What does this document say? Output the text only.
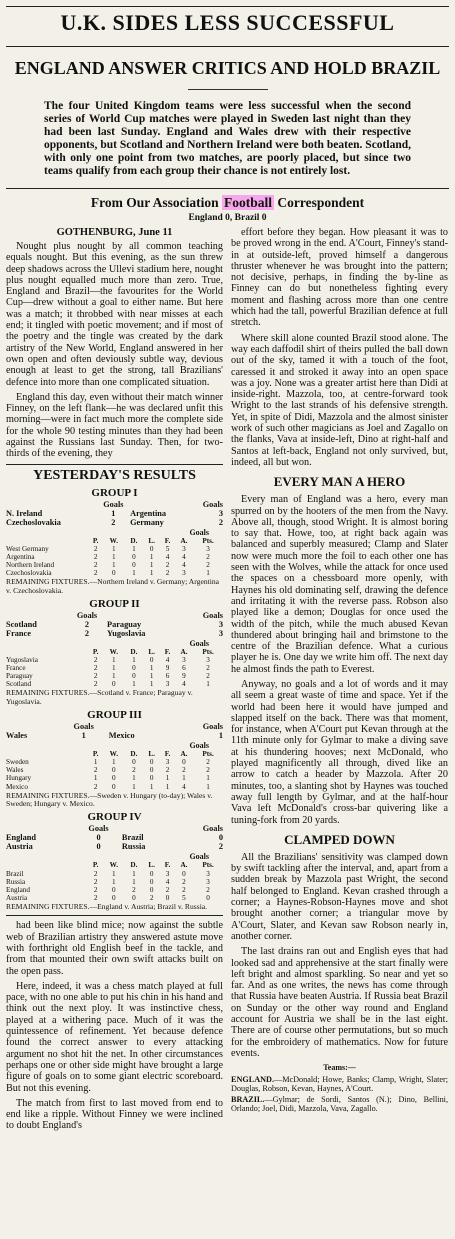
U.K. SIDES LESS SUCCESSFUL
ENGLAND ANSWER CRITICS AND HOLD BRAZIL
The four United Kingdom teams were less successful when the second series of World Cup matches were played in Sweden last night than they had been last Sunday. England and Wales drew with their respective opponents, but Scotland and Northern Ireland were both beaten. Scotland, with only one point from two matches, are poorly placed, but since two teams qualify from each group their chance is not entirely lost.
From Our Association Football Correspondent
England 0, Brazil 0
GOTHENBURG, June 11

Nought plus nought by all common teaching equals nought. But this evening, as the sun threw deep shadows across the Ullevi stadium here, nought plus nought equalled much more than zero. True, England and Brazil—the favourites for the World Cup—drew without a goal to either name. But here was a match; it throbbed with near misses at each end; it tingled with poetic movement; and if most of the poetry and the tingle was created by the dark artistry of the New World, England answered in her own open and often deviously subtle way, devious enough at least to get the strong, tall Brazilians' defence into more than one complicated situation.

England this day, even without their match winner Finney, on the left flank—he was declared unfit this morning—were in fact much more the complete side for the whole 90 testing minutes than they had been against the Russians last Sunday. Then, for two-thirds of the evening, they

YESTERDAY'S RESULTS
GROUP I
	Goals		Goals
N. Ireland	1	Argentina	3
Czechoslovakia	2	Germany	2
Goals
	P.	W.	D.	L.	F.	A.	Pts.
West Germany	2	1	1	0	5	3	3
Argentina	2	1	0	1	4	4	2
Northern Ireland	2	1	0	1	2	4	2
Czechoslovakia	2	0	1	1	2	3	1
REMAINING FIXTURES.—Northern Ireland v. Germany; Argentina v. Czechoslovakia.
GROUP II
	Goals		Goals
Scotland	2	Paraguay	3
France	2	Yugoslavia	3
Goals
	P.	W.	D.	L.	F.	A.	Pts.
Yugoslavia	2	1	1	0	4	3	3
France	2	1	0	1	9	6	2
Paraguay	2	1	0	1	6	9	2
Scotland	2	0	1	1	3	4	1
REMAINING FIXTURES.—Scotland v. France; Paraguay v. Yugoslavia.
GROUP III
	Goals		Goals
Wales	1	Mexico	1
Goals
	P.	W.	D.	L.	F.	A.	Pts.
Sweden	1	1	0	0	3	0	2
Wales	2	0	2	0	2	2	2
Hungary	1	0	1	0	1	1	1
Mexico	2	0	1	1	1	4	1
REMAINING FIXTURES.—Sweden v. Hungary (to-day); Wales v. Sweden; Hungary v. Mexico.
GROUP IV
	Goals		Goals
England	0	Brazil	0
Austria	0	Russia	2
Goals
	P.	W.	D.	L.	F.	A.	Pts.
Brazil	2	1	1	0	3	0	3
Russia	2	1	1	0	4	2	3
England	2	0	2	0	2	2	2
Austria	2	0	0	2	0	5	0
REMAINING FIXTURES.—England v. Austria; Brazil v. Russia.

had been like blind mice; now against the subtle web of Brazilian artistry they answered astute move with forthright old English beef in the tackle, and from that mounted their own swift attacks built on the open pass.

Here, indeed, it was a chess match played at full pace, with no one able to put his chin in his hand and think out the next ploy. It was instinctive chess, played at a withering pace. Much of it was the quintessence of refinement. Yet because defence found the correct answer to every attacking argument no shot hit the net. In other circumstances perhaps one or other side might have brought a large figure of goals on to some giant electric scoreboard. But not this evening.

The match from first to last moved from end to end like a ripple. Without Finney we were inclined to doubt England's

effort before they began. How pleasant it was to be proved wrong in the end. A'Court, Finney's stand-in at outside-left, proved himself a dangerous thruster whenever he was brought into the pattern; not decisive, perhaps, in finding the by-line as Finney can do but nonetheless fighting every moment and flashing across more than one centre which had the tall, powerful Brazilian defence at full stretch.

Where skill alone counted Brazil stood alone. The way each daffodil shirt of theirs pulled the ball down out of the sky, tamed it with a touch of the foot, caressed it and stroked it away into an open space was a joy. None was a greater artist here than Didi at inside-right. Mazzola, too, at centre-forward took Wright to the last strands of his defensive strength. Yet, in spite of Didi, Mazzola and the almost sinister work of such other magicians as Joel and Zagallo on the flanks, Vava at inside-left, Dino at right-half and Santos at left-back, England not only survived, but, indeed, all but won.

EVERY MAN A HERO

Every man of England was a hero, every man spurred on by the hooters of the men from the Navy. Above all, though, stood Wright. It is almost boring to say that. Howe, too, at right back again was balanced and superbly measured; Clamp and Slater now were much more the foil to each other one has seen with the Wolves, while the attack for once used the spaces on a chessboard more openly, with Haynes his old dominating self, drawing the defence and irritating it with the reverse pass. Robson also played like a demon; Douglas for once used the width of the pitch, while the much abused Kevan thundered about bringing hail and brimstone to the centre of the Brazilian defence. What a curious player he is. One day we write him off. The next day he almost finds the path to Everest.

Anyway, no goals and a lot of words and it may all seem a great waste of time and space. Yet if the world had been here it would have jumped and slapped itself on the back. There was that moment, for instance, when A'Court put Kevan through at the 11th minute only for Gylmar to make a diving save at his thundering hooves; next McDonald, who played magnificently all through, dived like an arrow to catch a header by Mazzola. After 20 minutes, too, a slanting shot by Haynes was touched away full length by Gylmar, and at the half-hour Vava left McDonald's cross-bar quivering like a tuning-fork from 20 yards.

CLAMPED DOWN

All the Brazilians' sensitivity was clamped down by swift tackling after the interval, and, apart from a sudden break by Mazzola past Wright, the second half belonged to England. Kevan crashed through a corner; a Haynes-Robson-Haynes move and shot brought another corner; a triangular move by A'Court, Slater, and Kevan saw Robson nearly in, another corner.

The last drains ran out and English eyes that had looked sad and apprehensive at the start finally were left bright and almost sparkling. So near and yet so far. And as one writes, the news has come through that Russia have beaten Austria. If Russia beat Brazil on Sunday or the other way round and England account for Austria we shall be in the last eight. There are of course other permutations, but so much for the embroidery of mathematics. Now for future events.

Teams:—
ENGLAND.—McDonald; Howe, Banks; Clamp, Wright, Slater; Douglas, Robson, Kevan, Haynes, A'Court.
BRAZIL.—Gylmar; de Sordi, Santos (N.); Dino, Bellini, Orlando; Joel, Didi, Mazzola, Vava, Zagallo.
